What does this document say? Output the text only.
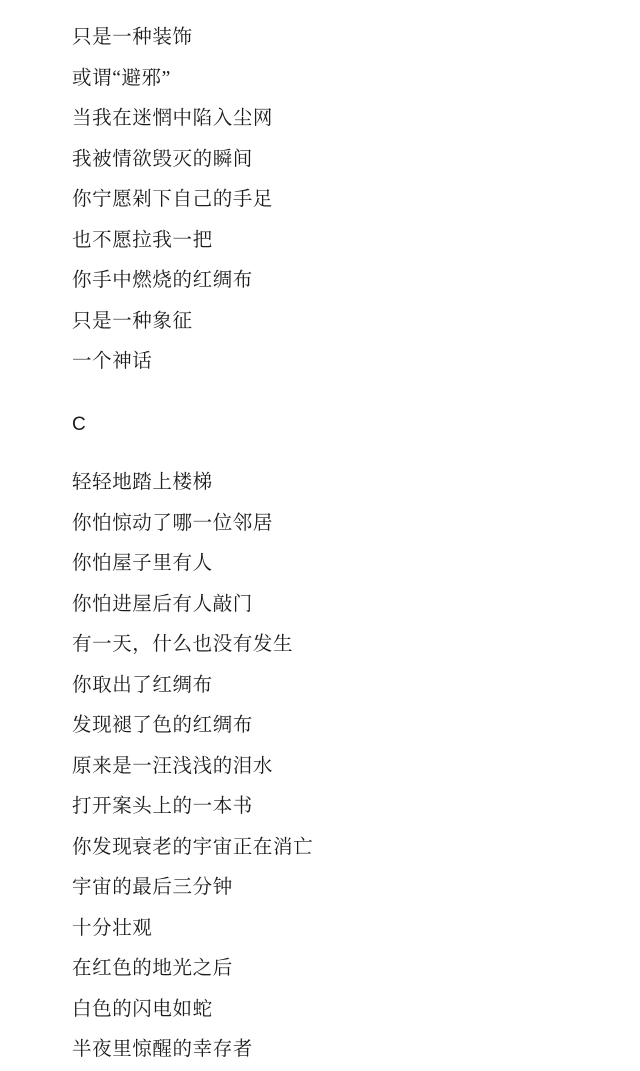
只是一种装饰
或谓“避邪”
当我在迷惘中陷入尘网
我被情欲毁灭的瞬间
你宁愿剁下自己的手足
也不愿拉我一把
你手中燃烧的红绸布
只是一种象征
一个神话
C
轻轻地踏上楼梯
你怕惊动了哪一位邻居
你怕屋子里有人
你怕进屋后有人敲门
有一天，什么也没有发生
你取出了红绸布
发现褪了色的红绸布
原来是一汪浅浅的泪水
打开案头上的一本书
你发现衰老的宇宙正在消亡
宇宙的最后三分钟
十分壮观
在红色的地光之后
白色的闪电如蛇
半夜里惊醒的幸存者
